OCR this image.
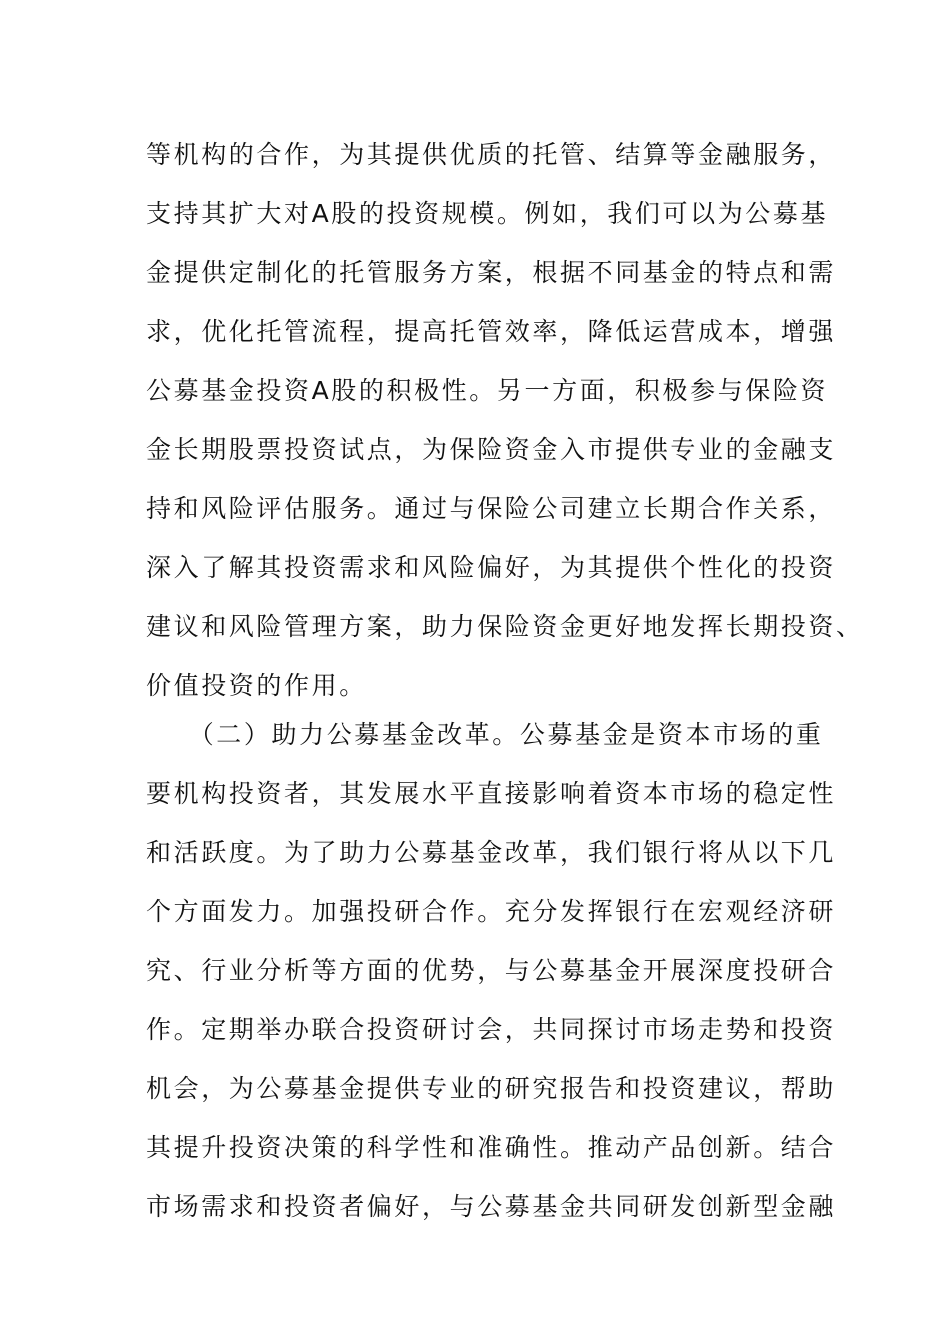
等机构的合作，为其提供优质的托管、结算等金融服务，
支持其扩大对A股的投资规模。例如，我们可以为公募基
金提供定制化的托管服务方案，根据不同基金的特点和需
求，优化托管流程，提高托管效率，降低运营成本，增强
公募基金投资A股的积极性。另一方面，积极参与保险资
金长期股票投资试点，为保险资金入市提供专业的金融支
持和风险评估服务。通过与保险公司建立长期合作关系，
深入了解其投资需求和风险偏好，为其提供个性化的投资
建议和风险管理方案，助力保险资金更好地发挥长期投资、
价值投资的作用。
　　（二）助力公募基金改革。公募基金是资本市场的重
要机构投资者，其发展水平直接影响着资本市场的稳定性
和活跃度。为了助力公募基金改革，我们银行将从以下几
个方面发力。加强投研合作。充分发挥银行在宏观经济研
究、行业分析等方面的优势，与公募基金开展深度投研合
作。定期举办联合投资研讨会，共同探讨市场走势和投资
机会，为公募基金提供专业的研究报告和投资建议，帮助
其提升投资决策的科学性和准确性。推动产品创新。结合
市场需求和投资者偏好，与公募基金共同研发创新型金融
